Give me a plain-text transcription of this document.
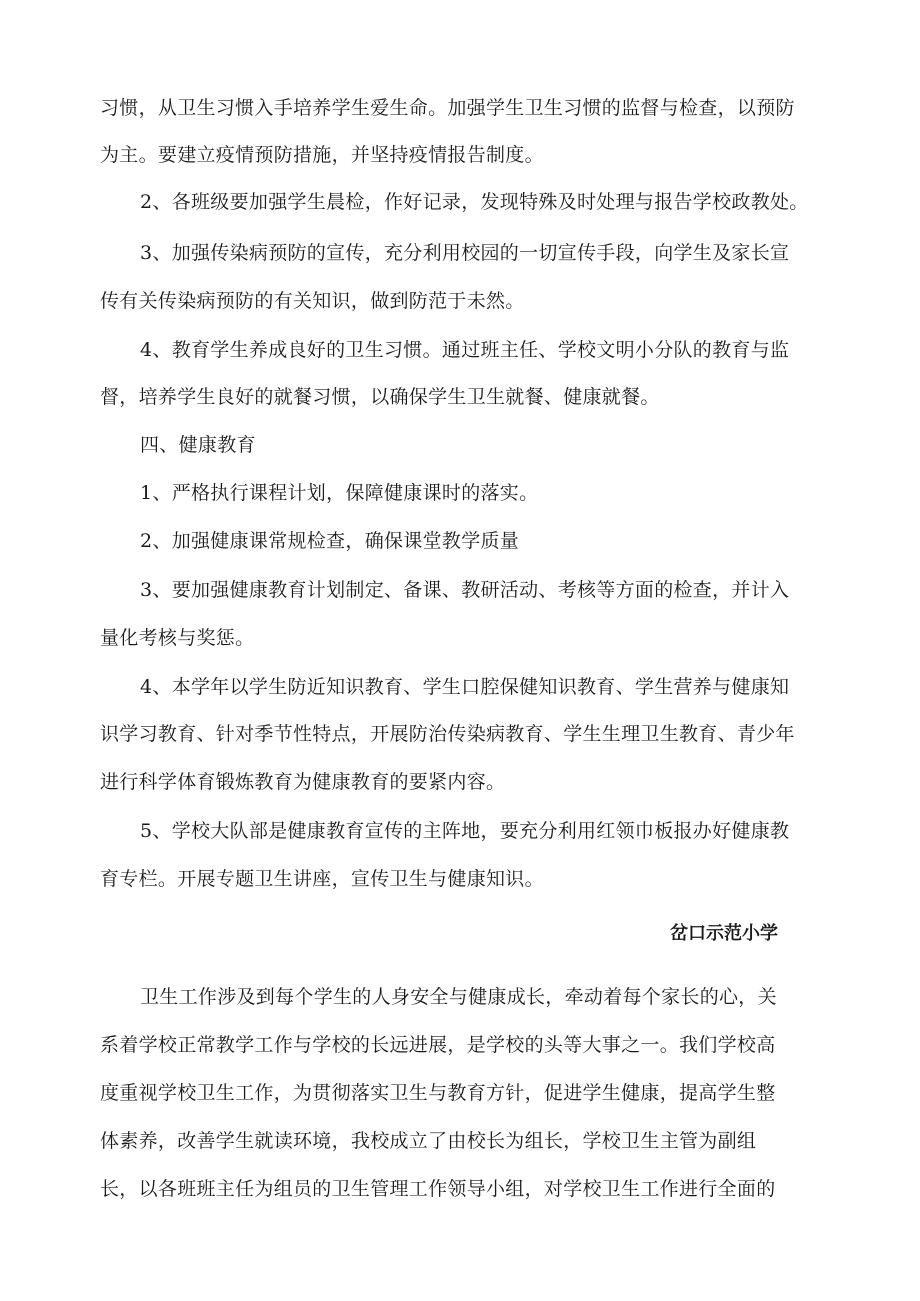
习惯，从卫生习惯入手培养学生爱生命。加强学生卫生习惯的监督与检查，以预防

为主。要建立疫情预防措施，并坚持疫情报告制度。

2、各班级要加强学生晨检，作好记录，发现特殊及时处理与报告学校政教处。

3、加强传染病预防的宣传，充分利用校园的一切宣传手段，向学生及家长宣

传有关传染病预防的有关知识，做到防范于未然。

4、教育学生养成良好的卫生习惯。通过班主任、学校文明小分队的教育与监

督，培养学生良好的就餐习惯，以确保学生卫生就餐、健康就餐。

四、健康教育

1、严格执行课程计划，保障健康课时的落实。

2、加强健康课常规检查，确保课堂教学质量

3、要加强健康教育计划制定、备课、教研活动、考核等方面的检查，并计入

量化考核与奖惩。

4、本学年以学生防近知识教育、学生口腔保健知识教育、学生营养与健康知

识学习教育、针对季节性特点，开展防治传染病教育、学生生理卫生教育、青少年

进行科学体育锻炼教育为健康教育的要紧内容。

5、学校大队部是健康教育宣传的主阵地，要充分利用红领巾板报办好健康教

育专栏。开展专题卫生讲座，宣传卫生与健康知识。

岔口示范小学

卫生工作涉及到每个学生的人身安全与健康成长，牵动着每个家长的心，关

系着学校正常教学工作与学校的长远进展，是学校的头等大事之一。我们学校高

度重视学校卫生工作，为贯彻落实卫生与教育方针，促进学生健康，提高学生整

体素养，改善学生就读环境，我校成立了由校长为组长，学校卫生主管为副组

长，以各班班主任为组员的卫生管理工作领导小组，对学校卫生工作进行全面的
